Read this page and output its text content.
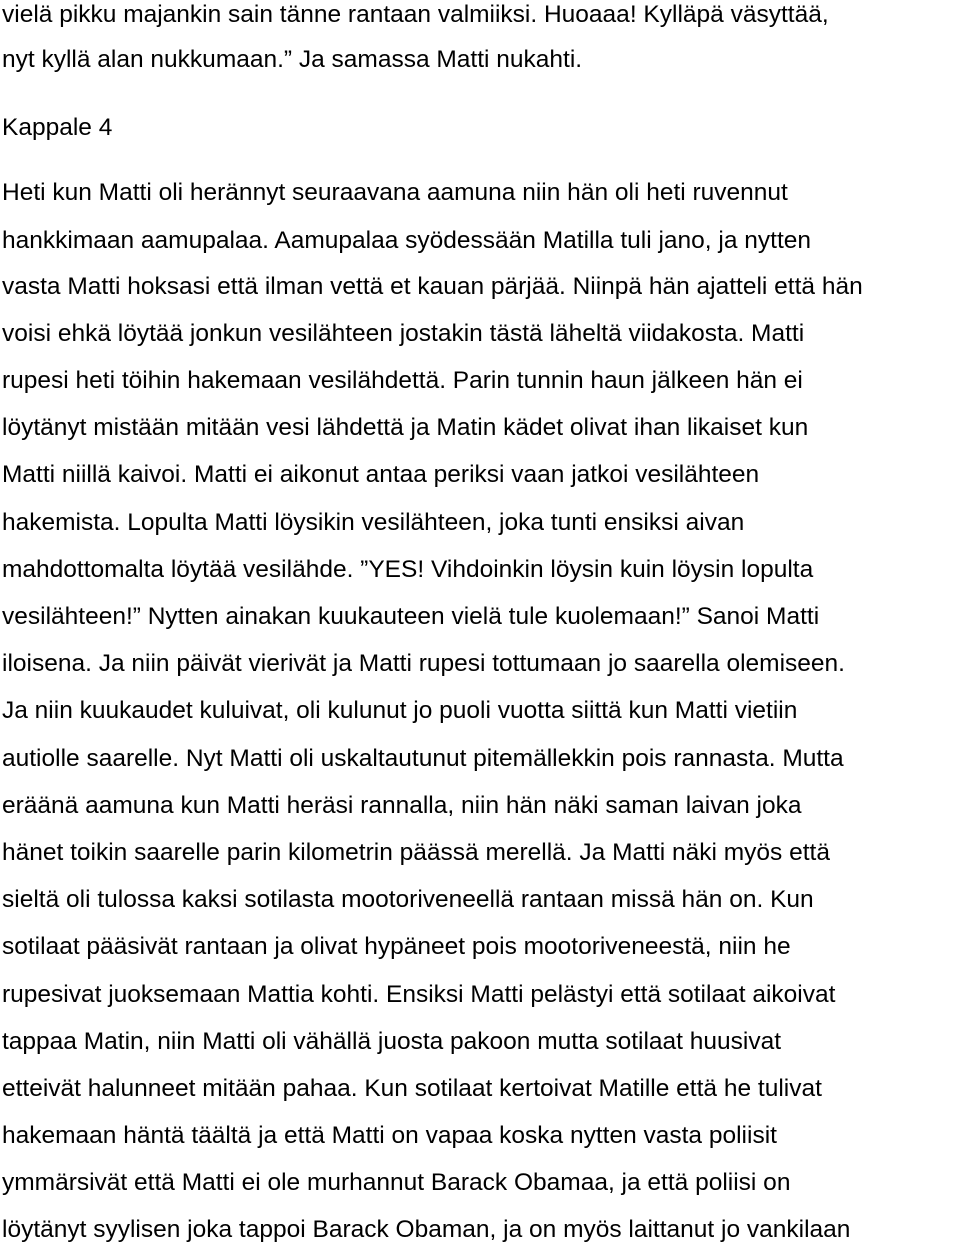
vielä pikku majankin sain tänne rantaan valmiiksi. Huoaaa! Kylläpä väsyttää,
nyt kyllä alan nukkumaan.” Ja samassa Matti nukahti.
Kappale 4
Heti kun Matti oli herännyt seuraavana aamuna niin hän oli heti ruvennut
hankkimaan aamupalaa. Aamupalaa syödessään Matilla tuli jano, ja nytten
vasta Matti hoksasi että ilman vettä et kauan pärjää. Niinpä hän ajatteli että hän
voisi ehkä löytää jonkun vesilähteen jostakin tästä läheltä viidakosta. Matti
rupesi heti töihin hakemaan vesilähdettä. Parin tunnin haun jälkeen hän ei
löytänyt mistään mitään vesi lähdettä ja Matin kädet olivat ihan likaiset kun
Matti niillä kaivoi. Matti ei aikonut antaa periksi vaan jatkoi vesilähteen
hakemista. Lopulta Matti löysikin vesilähteen, joka tunti ensiksi aivan
mahdottomalta löytää vesilähde. ”YES! Vihdoinkin löysin kuin löysin lopulta
vesilähteen!” Nytten ainakan kuukauteen vielä tule kuolemaan!” Sanoi Matti
iloisena. Ja niin päivät vierivät ja Matti rupesi tottumaan jo saarella olemiseen.
Ja niin kuukaudet kuluivat, oli kulunut jo puoli vuotta siittä kun Matti vietiin
autiolle saarelle. Nyt Matti oli uskaltautunut pitemällekkin pois rannasta. Mutta
eräänä aamuna kun Matti heräsi rannalla, niin hän näki saman laivan joka
hänet toikin saarelle parin kilometrin päässä merellä. Ja Matti näki myös että
sieltä oli tulossa kaksi sotilasta mootoriveneellä rantaan missä hän on. Kun
sotilaat pääsivät rantaan ja olivat hypäneet pois mootoriveneestä, niin he
rupesivat juoksemaan Mattia kohti. Ensiksi Matti pelästyi että sotilaat aikoivat
tappaa Matin, niin Matti oli vähällä juosta pakoon mutta sotilaat huusivat
etteivät halunneet mitään pahaa. Kun sotilaat kertoivat Matille että he tulivat
hakemaan häntä täältä ja että Matti on vapaa koska nytten vasta poliisit
ymmärsivät että Matti ei ole murhannut Barack Obamaa, ja että poliisi on
löytänyt syylisen joka tappoi Barack Obaman, ja on myös laittanut jo vankilaan
